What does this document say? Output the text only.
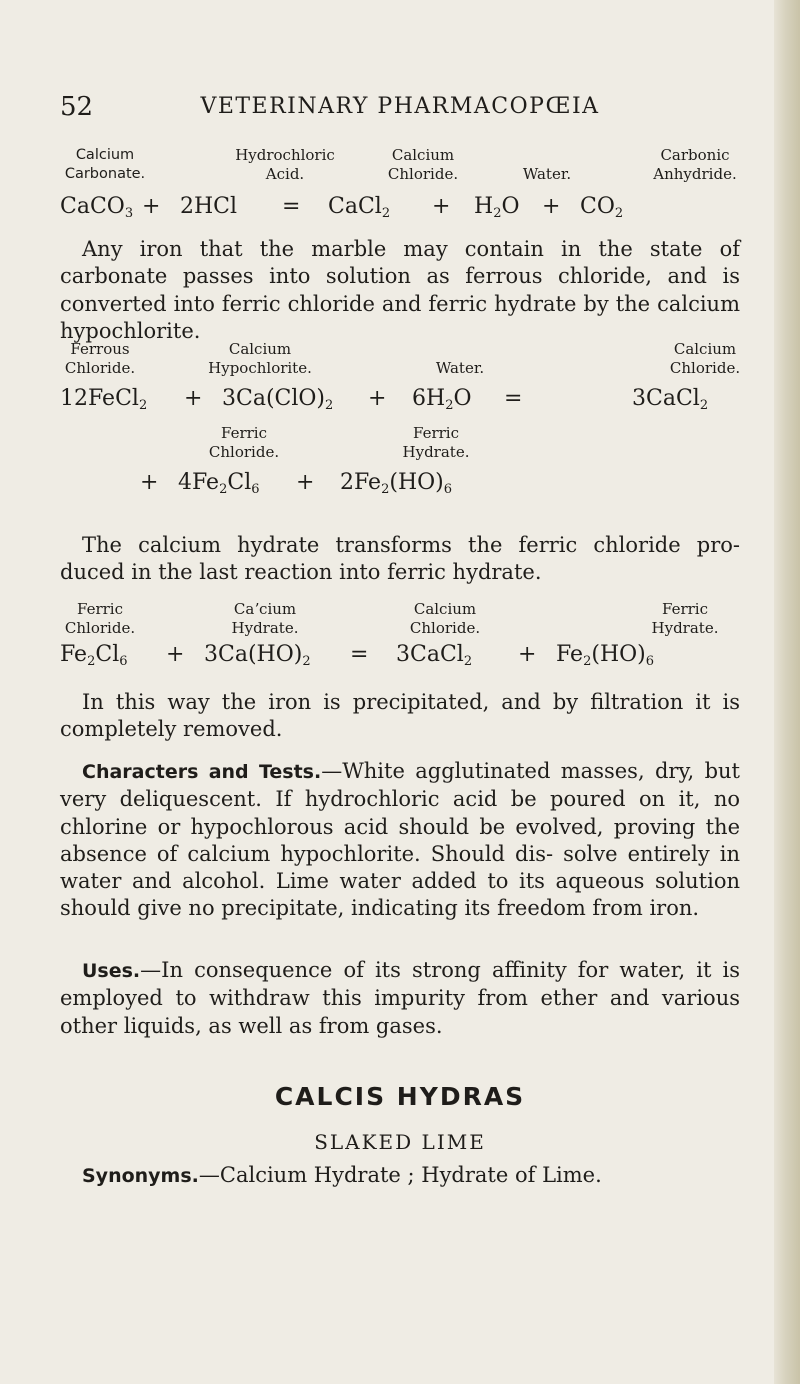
52	VETERINARY PHARMACOPŒIA
Calcium
Carbonate.
Hydrochloric
Acid.
Calcium
Chloride.	Water.
Carbonic
Anhydride.
CaCO$_3$ + 2HCl = CaCl$_2$ + $H_2O + CO_2$

Any iron that the marble may contain in the state of carbonate passes into solution as ferrous chloride, and is converted into ferric chloride and ferric hydrate by the calcium hypochlorite.

Ferrous
Chloride.
Calcium
Hypochlorite.	Water.
Calcium
Chloride.
12FeCl$_2$ + $3Ca(ClO)_2 + 6H_2O$ =	3CaCl$_2$
Ferric
Chloride.
Ferric
Hydrate.
+ $4Fe_2Cl_6 + 2Fe_2(HO)_6$

The calcium hydrate transforms the ferric chloride pro- duced in the last reaction into ferric hydrate.

Ferric
Chloride.
Caʼcium
Hydrate.
Calcium
Chloride.
Ferric
Hydrate.
$Fe_2Cl_6 + 3Ca(HO)_2$ = 3CaCl$_2$ + $Fe_2(HO)_6$

In this way the iron is precipitated, and by filtration it is completely removed.

Characters and Tests.—White agglutinated masses, dry, but very deliquescent. If hydrochloric acid be poured on it, no chlorine or hypochlorous acid should be evolved, proving the absence of calcium hypochlorite. Should dis- solve entirely in water and alcohol. Lime water added to its aqueous solution should give no precipitate, indicating its freedom from iron.

Uses.—In consequence of its strong affinity for water, it is employed to withdraw this impurity from ether and various other liquids, as well as from gases.

CALCIS HYDRAS
SLAKED LIME

Synonyms.—Calcium Hydrate ; Hydrate of Lime.
